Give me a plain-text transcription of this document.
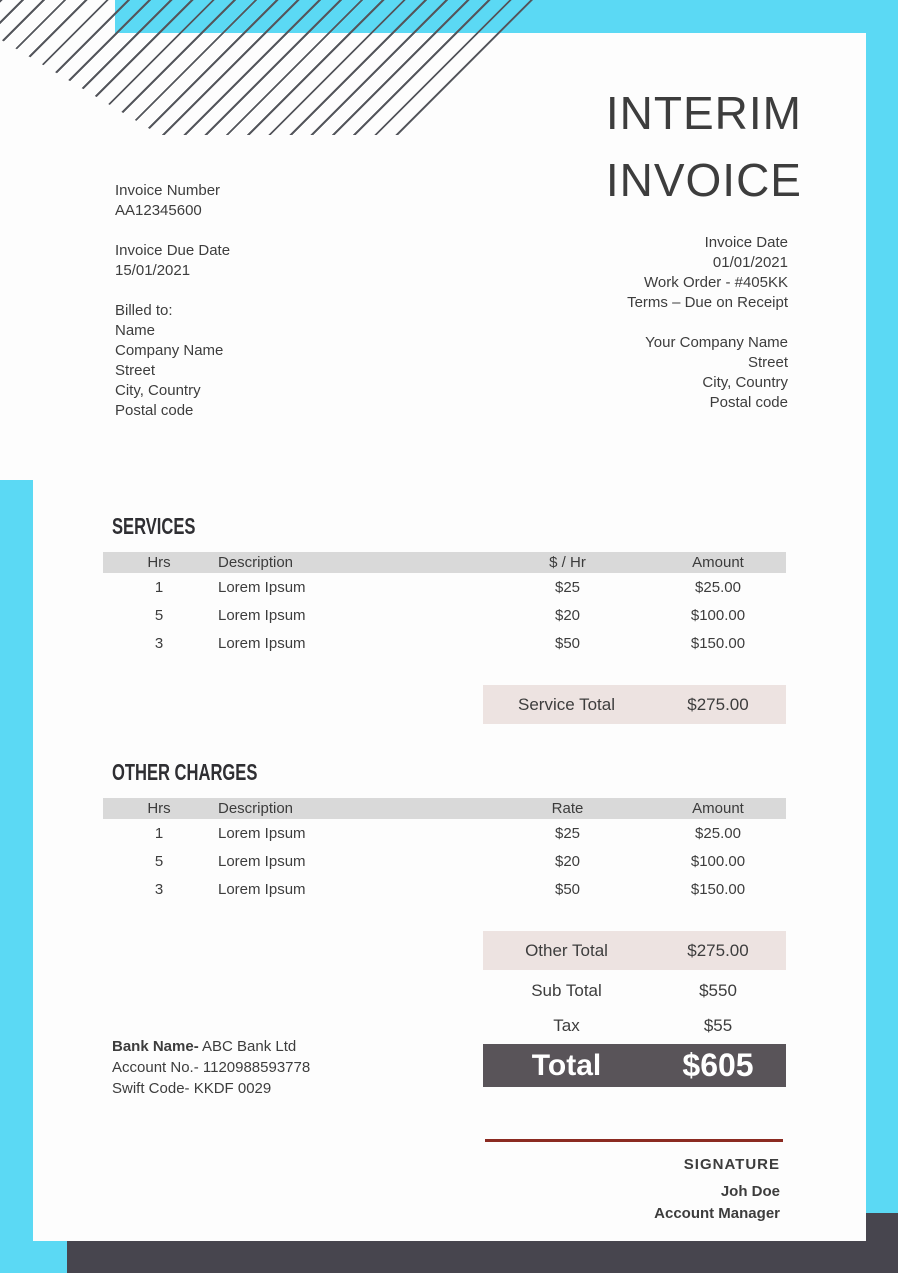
INTERIM
INVOICE
Invoice Number
AA12345600
Invoice Due Date
15/01/2021
Billed to:
Name
Company Name
Street
City, Country
Postal code
Invoice Date
01/01/2021
Work Order - #405KK
Terms – Due on Receipt
Your Company Name
Street
City, Country
Postal code
SERVICES
Hrs	Description	$ / Hr	Amount
1	Lorem Ipsum	$25	$25.00
5	Lorem Ipsum	$20	$100.00
3	Lorem Ipsum	$50	$150.00
Service Total	$275.00
OTHER CHARGES
Hrs	Description	Rate	Amount
1	Lorem Ipsum	$25	$25.00
5	Lorem Ipsum	$20	$100.00
3	Lorem Ipsum	$50	$150.00
Other Total	$275.00
Sub Total	$550
Tax	$55
Total	$605
Bank Name- ABC Bank Ltd
Account No.- 1120988593778
Swift Code- KKDF 0029
SIGNATURE
Joh Doe
Account Manager
